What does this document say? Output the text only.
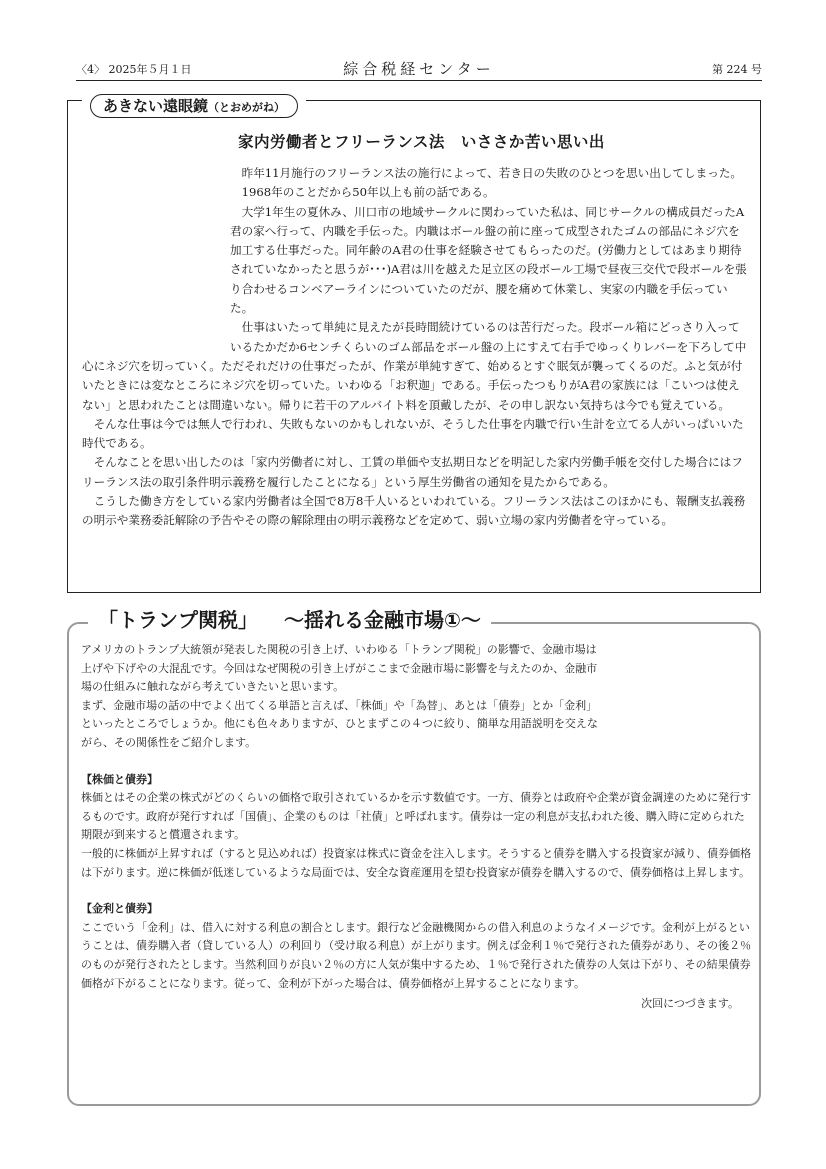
〈4〉 2025年５月１日	綜合税経センター	第 224 号
あきない遠眼鏡（とおめがね）
家内労働者とフリーランス法　いささか苦い思い出

昨年11月施行のフリーランス法の施行によって、若き日の失敗のひとつを思い出してしまった。

1968年のことだから50年以上も前の話である。

大学1年生の夏休み、川口市の地域サークルに関わっていた私は、同じサークルの構成員だったA君の家へ行って、内職を手伝った。内職はボール盤の前に座って成型されたゴムの部品にネジ穴を加工する仕事だった。同年齢のA君の仕事を経験させてもらったのだ。(労働力としてはあまり期待されていなかったと思うが･･･)A君は川を越えた足立区の段ボール工場で昼夜三交代で段ボールを張り合わせるコンベアーラインについていたのだが、腰を痛めて休業し、実家の内職を手伝っていた。

仕事はいたって単純に見えたが長時間続けているのは苦行だった。段ボール箱にどっさり入っているたかだか6センチくらいのゴム部品をボール盤の上にすえて右手でゆっくりレバーを下ろして中心にネジ穴を切っていく。ただそれだけの仕事だったが、作業が単純すぎて、始めるとすぐ眠気が襲ってくるのだ。ふと気が付いたときには変なところにネジ穴を切っていた。いわゆる「お釈迦」である。手伝ったつもりがA君の家族には「こいつは使えない」と思われたことは間違いない。帰りに若干のアルバイト料を頂戴したが、その申し訳ない気持ちは今でも覚えている。

そんな仕事は今では無人で行われ、失敗もないのかもしれないが、そうした仕事を内職で行い生計を立てる人がいっぱいいた時代である。

そんなことを思い出したのは「家内労働者に対し、工賃の単価や支払期日などを明記した家内労働手帳を交付した場合にはフリーランス法の取引条件明示義務を履行したことになる」という厚生労働省の通知を見たからである。

こうした働き方をしている家内労働者は全国で8万8千人いるといわれている。フリーランス法はこのほかにも、報酬支払義務の明示や業務委託解除の予告やその際の解除理由の明示義務などを定めて、弱い立場の家内労働者を守っている。

「トランプ関税」 ～揺れる金融市場①～

アメリカのトランプ大統領が発表した関税の引き上げ、いわゆる「トランプ関税」の影響で、金融市場は上げや下げやの大混乱です。今回はなぜ関税の引き上げがここまで金融市場に影響を与えたのか、金融市場の仕組みに触れながら考えていきたいと思います。

まず、金融市場の話の中でよく出てくる単語と言えば、「株価」や「為替」、あとは「債券」とか「金利」といったところでしょうか。他にも色々ありますが、ひとまずこの４つに絞り、簡単な用語説明を交えながら、その関係性をご紹介します。

【株価と債券】

株価とはその企業の株式がどのくらいの価格で取引されているかを示す数値です。一方、債券とは政府や企業が資金調達のために発行するものです。政府が発行すれば「国債」、企業のものは「社債」と呼ばれます。債券は一定の利息が支払われた後、購入時に定められた期限が到来すると償還されます。

一般的に株価が上昇すれば（すると見込めれば）投資家は株式に資金を注入します。そうすると債券を購入する投資家が減り、債券価格は下がります。逆に株価が低迷しているような局面では、安全な資産運用を望む投資家が債券を購入するので、債券価格は上昇します。

【金利と債券】

ここでいう「金利」は、借入に対する利息の割合とします。銀行など金融機関からの借入利息のようなイメージです。金利が上がるということは、債券購入者（貸している人）の利回り（受け取る利息）が上がります。例えば金利１％で発行された債券があり、その後２％のものが発行されたとします。当然利回りが良い２％の方に人気が集中するため、１％で発行された債券の人気は下がり、その結果債券価格が下がることになります。従って、金利が下がった場合は、債券価格が上昇することになります。

次回につづきます。
